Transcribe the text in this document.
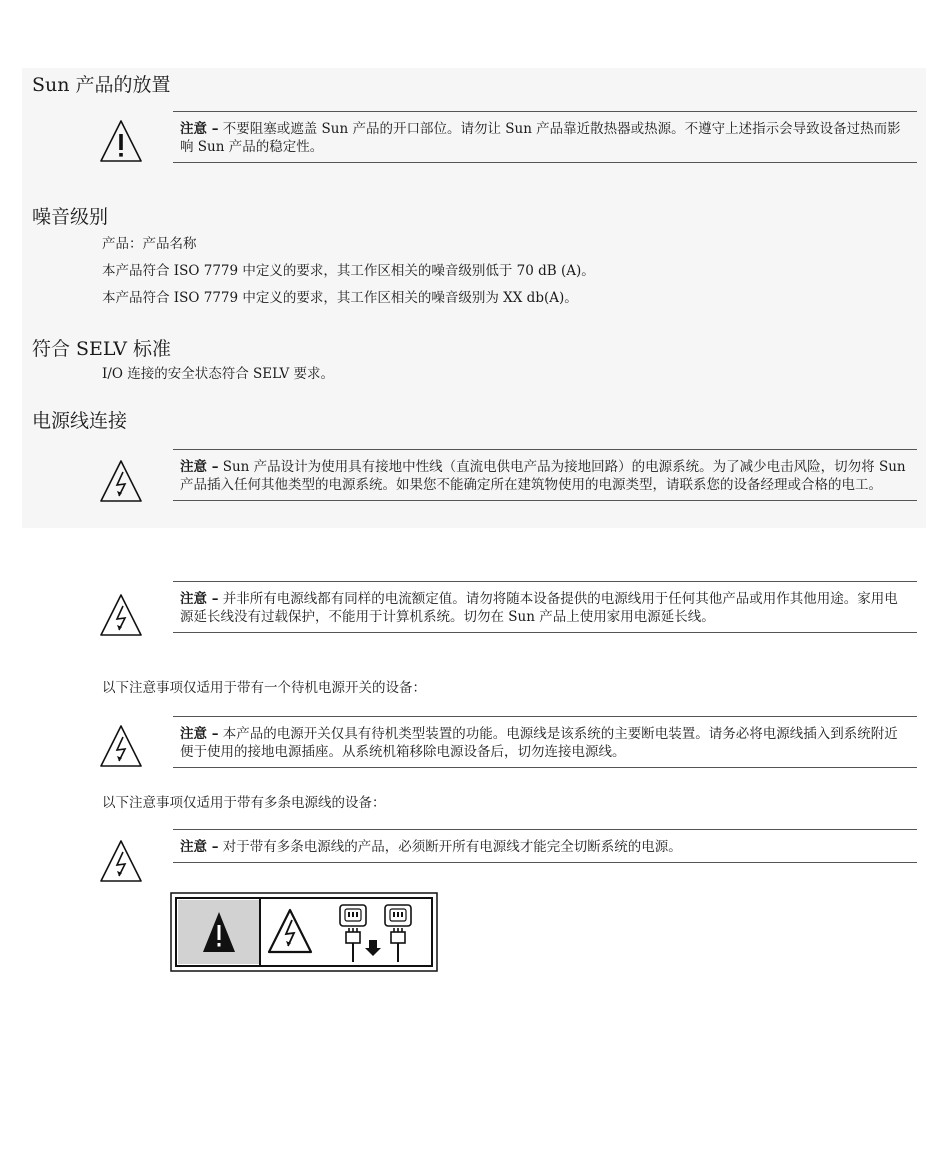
Sun 产品的放置

注意 – 不要阻塞或遮盖 Sun 产品的开口部位。请勿让 Sun 产品靠近散热器或热源。不遵守上述指示会导致设备过热而影响 Sun 产品的稳定性。

噪音级别

产品：产品名称

本产品符合 ISO 7779 中定义的要求，其工作区相关的噪音级别低于 70 dB (A)。

本产品符合 ISO 7779 中定义的要求，其工作区相关的噪音级别为 XX db(A)。

符合 SELV 标准

I/O 连接的安全状态符合 SELV 要求。

电源线连接

注意 – Sun 产品设计为使用具有接地中性线（直流电供电产品为接地回路）的电源系统。为了减少电击风险，切勿将 Sun 产品插入任何其他类型的电源系统。如果您不能确定所在建筑物使用的电源类型，请联系您的设备经理或合格的电工。

注意 – 并非所有电源线都有同样的电流额定值。请勿将随本设备提供的电源线用于任何其他产品或用作其他用途。家用电源延长线没有过载保护，不能用于计算机系统。切勿在 Sun 产品上使用家用电源延长线。

以下注意事项仅适用于带有一个待机电源开关的设备：

注意 – 本产品的电源开关仅具有待机类型装置的功能。电源线是该系统的主要断电装置。请务必将电源线插入到系统附近便于使用的接地电源插座。从系统机箱移除电源设备后，切勿连接电源线。

以下注意事项仅适用于带有多条电源线的设备：

注意 – 对于带有多条电源线的产品，必须断开所有电源线才能完全切断系统的电源。
